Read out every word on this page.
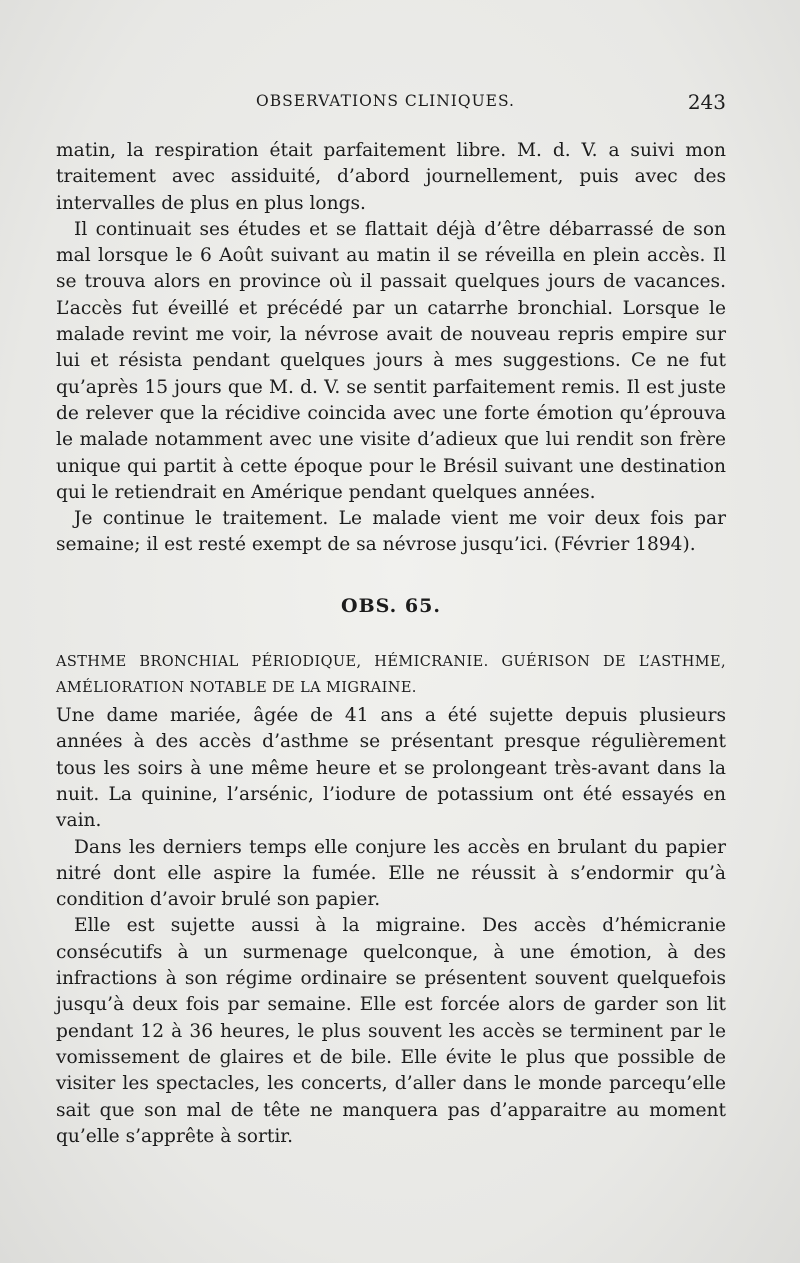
OBSERVATIONS CLINIQUES.	243

matin, la respiration était parfaitement libre. M. d. V. a suivi mon traitement avec assiduité, d’abord journellement, puis avec des intervalles de plus en plus longs.

Il continuait ses études et se flattait déjà d’être débarrassé de son mal lorsque le 6 Août suivant au matin il se réveilla en plein accès. Il se trouva alors en province où il passait quelques jours de vacances. L’accès fut éveillé et précédé par un catarrhe bronchial. Lorsque le malade revint me voir, la névrose avait de nouveau repris empire sur lui et résista pendant quelques jours à mes suggestions. Ce ne fut qu’après 15 jours que M. d. V. se sentit parfaitement remis. Il est juste de relever que la récidive coincida avec une forte émotion qu’éprouva le malade notamment avec une visite d’adieux que lui rendit son frère unique qui partit à cette époque pour le Brésil suivant une destination qui le retiendrait en Amérique pendant quelques années.

Je continue le traitement. Le malade vient me voir deux fois par semaine; il est resté exempt de sa névrose jusqu’ici. (Février 1894).

OBS. 65.
ASTHME BRONCHIAL PÉRIODIQUE, HÉMICRANIE. GUÉRISON DE L’ASTHME, AMÉLIORATION NOTABLE DE LA MIGRAINE.

Une dame mariée, âgée de 41 ans a été sujette depuis plusieurs années à des accès d’asthme se présentant presque régulièrement tous les soirs à une même heure et se prolongeant très-avant dans la nuit. La quinine, l’arsénic, l’iodure de potassium ont été essayés en vain.

Dans les derniers temps elle conjure les accès en brulant du papier nitré dont elle aspire la fumée. Elle ne réussit à s’endormir qu’à condition d’avoir brulé son papier.

Elle est sujette aussi à la migraine. Des accès d’hémicranie consécutifs à un surmenage quelconque, à une émotion, à des infractions à son régime ordinaire se présentent souvent quelquefois jusqu’à deux fois par semaine. Elle est forcée alors de garder son lit pendant 12 à 36 heures, le plus souvent les accès se terminent par le vomissement de glaires et de bile. Elle évite le plus que possible de visiter les spectacles, les concerts, d’aller dans le monde parcequ’elle sait que son mal de tête ne manquera pas d’apparaitre au moment qu’elle s’apprête à sortir.
